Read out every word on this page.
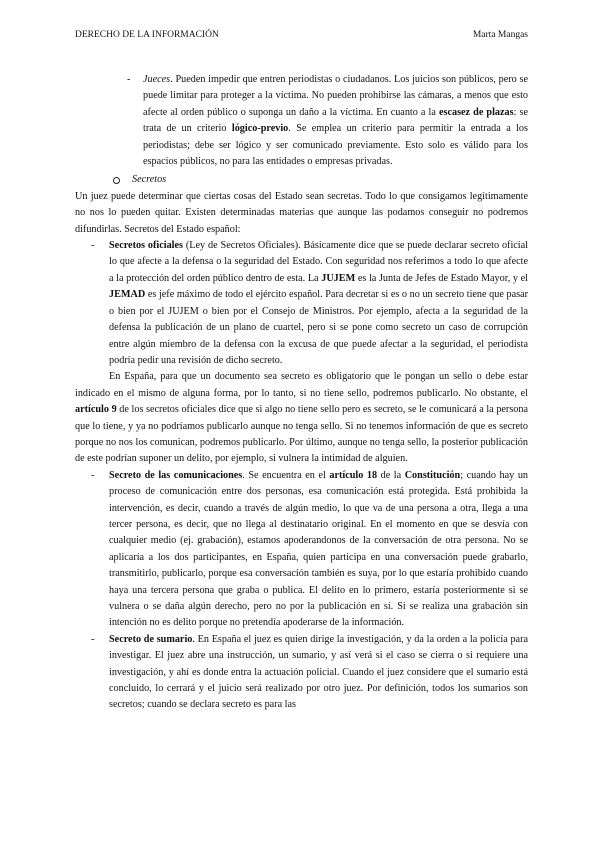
DERECHO DE LA INFORMACIÓN	Marta Mangas

- Jueces. Pueden impedir que entren periodistas o ciudadanos. Los juicios son públicos, pero se puede limitar para proteger a la víctima. No pueden prohibirse las cámaras, a menos que esto afecte al orden público o suponga un daño a la víctima. En cuanto a la escasez de plazas: se trata de un criterio lógico-previo. Se emplea un criterio para permitir la entrada a los periodistas; debe ser lógico y ser comunicado previamente. Esto solo es válido para los espacios públicos, no para las entidades o empresas privadas.

Secretos

Un juez puede determinar que ciertas cosas del Estado sean secretas. Todo lo que consigamos legítimamente no nos lo pueden quitar. Existen determinadas materias que aunque las podamos conseguir no podremos difundirlas. Secretos del Estado español:

- Secretos oficiales (Ley de Secretos Oficiales). Básicamente dice que se puede declarar secreto oficial lo que afecte a la defensa o la seguridad del Estado. Con seguridad nos referimos a todo lo que afecte a la protección del orden público dentro de esta. La JUJEM es la Junta de Jefes de Estado Mayor, y el JEMAD es jefe máximo de todo el ejército español. Para decretar si es o no un secreto tiene que pasar o bien por el JUJEM o bien por el Consejo de Ministros. Por ejemplo, afecta a la seguridad de la defensa la publicación de un plano de cuartel, pero si se pone como secreto un caso de corrupción entre algún miembro de la defensa con la excusa de que puede afectar a la seguridad, el periodista podría pedir una revisión de dicho secreto.

En España, para que un documento sea secreto es obligatorio que le pongan un sello o debe estar indicado en el mismo de alguna forma, por lo tanto, si no tiene sello, podremos publicarlo. No obstante, el artículo 9 de los secretos oficiales dice que si algo no tiene sello pero es secreto, se le comunicará a la persona que lo tiene, y ya no podríamos publicarlo aunque no tenga sello. Si no tenemos información de que es secreto porque no nos los comunican, podremos publicarlo. Por último, aunque no tenga sello, la posterior publicación de este podrían suponer un delito, por ejemplo, si vulnera la intimidad de alguien.

- Secreto de las comunicaciones. Se encuentra en el artículo 18 de la Constitución; cuando hay un proceso de comunicación entre dos personas, esa comunicación está protegida. Está prohibida la intervención, es decir, cuando a través de algún medio, lo que va de una persona a otra, llega a una tercer persona, es decir, que no llega al destinatario original. En el momento en que se desvía con cualquier medio (ej. grabación), estamos apoderandonos de la conversación de otra persona. No se aplicaría a los dos participantes, en España, quien participa en una conversación puede grabarlo, transmitirlo, publicarlo, porque esa conversación también es suya, por lo que estaría prohibido cuando haya una tercera persona que graba o publica. El delito en lo primero, estaría posteriormente si se vulnera o se daña algún derecho, pero no por la publicación en sí. Si se realiza una grabación sin intención no es delito porque no pretendía apoderarse de la información.

- Secreto de sumario. En España el juez es quien dirige la investigación, y da la orden a la policía para investigar. El juez abre una instrucción, un sumario, y así verá si el caso se cierra o si requiere una investigación, y ahí es donde entra la actuación policial. Cuando el juez considere que el sumario está concluido, lo cerrará y el juicio será realizado por otro juez. Por definición, todos los sumarios son secretos; cuando se declara secreto es para las
